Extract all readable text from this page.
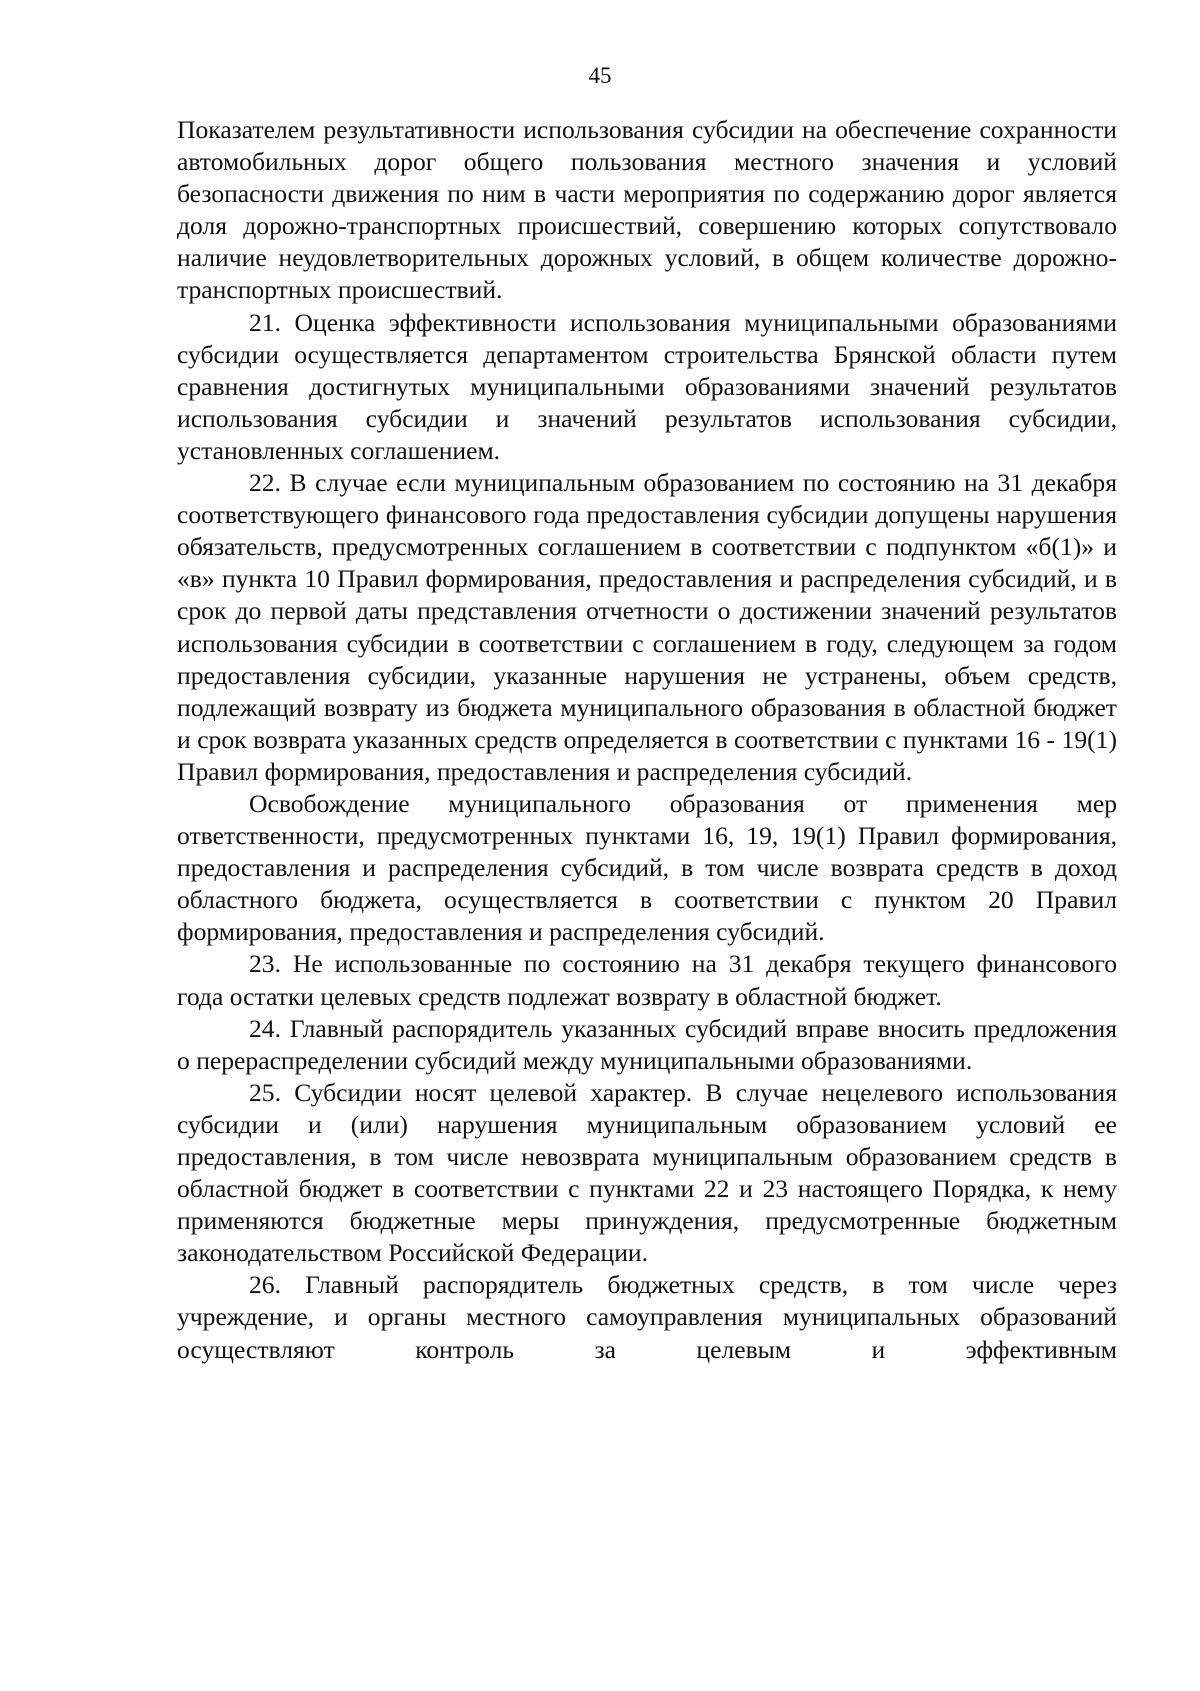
45

Показателем результативности использования субсидии на обеспечение сохранности автомобильных дорог общего пользования местного значения и условий безопасности движения по ним в части мероприятия по содержанию дорог является доля дорожно-транспортных происшествий, совершению которых сопутствовало наличие неудовлетворительных дорожных условий, в общем количестве дорожно-транспортных происшествий.

21. Оценка эффективности использования муниципальными образованиями субсидии осуществляется департаментом строительства Брянской области путем сравнения достигнутых муниципальными образованиями значений результатов использования субсидии и значений результатов использования субсидии, установленных соглашением.

22. В случае если муниципальным образованием по состоянию на 31 декабря соответствующего финансового года предоставления субсидии допущены нарушения обязательств, предусмотренных соглашением в соответствии с подпунктом «б(1)» и «в» пункта 10 Правил формирования, предоставления и распределения субсидий, и в срок до первой даты представления отчетности о достижении значений результатов использования субсидии в соответствии с соглашением в году, следующем за годом предоставления субсидии, указанные нарушения не устранены, объем средств, подлежащий возврату из бюджета муниципального образования в областной бюджет и срок возврата указанных средств определяется в соответствии с пунктами 16 - 19(1) Правил формирования, предоставления и распределения субсидий.

Освобождение муниципального образования от применения мер ответственности, предусмотренных пунктами 16, 19, 19(1) Правил формирования, предоставления и распределения субсидий, в том числе возврата средств в доход областного бюджета, осуществляется в соответствии с пунктом 20 Правил формирования, предоставления и распределения субсидий.

23. Не использованные по состоянию на 31 декабря текущего финансового года остатки целевых средств подлежат возврату в областной бюджет.

24. Главный распорядитель указанных субсидий вправе вносить предложения о перераспределении субсидий между муниципальными образованиями.

25. Субсидии носят целевой характер. В случае нецелевого использования субсидии и (или) нарушения муниципальным образованием условий ее предоставления, в том числе невозврата муниципальным образованием средств в областной бюджет в соответствии с пунктами 22 и 23 настоящего Порядка, к нему применяются бюджетные меры принуждения, предусмотренные бюджетным законодательством Российской Федерации.

26. Главный распорядитель бюджетных средств, в том числе через учреждение, и органы местного самоуправления муниципальных образований осуществляют контроль за целевым и эффективным
